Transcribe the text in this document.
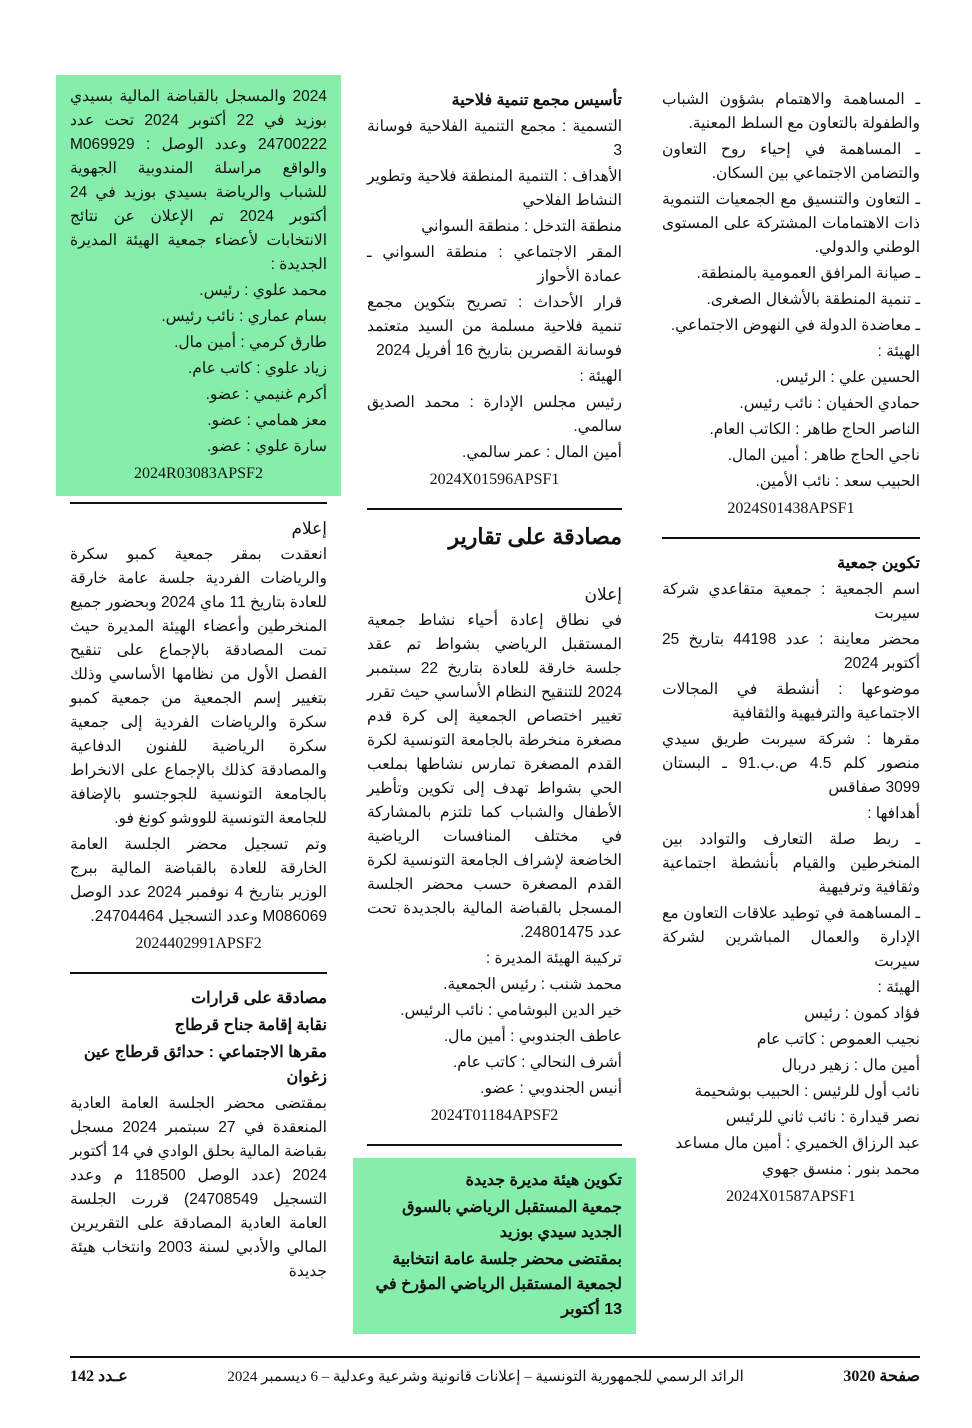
ـ المساهمة والاهتمام بشؤون الشباب والطفولة بالتعاون مع السلط المعنية.
ـ المساهمة في إحياء روح التعاون والتضامن الاجتماعي بين السكان.
ـ التعاون والتنسيق مع الجمعيات التنموية ذات الاهتمامات المشتركة على المستوى الوطني والدولي.
ـ صيانة المرافق العمومية بالمنطقة.
ـ تنمية المنطقة بالأشغال الصغرى.
ـ معاضدة الدولة في النهوض الاجتماعي.
الهيئة :
الحسين علي : الرئيس.
حمادي الحفيان : نائب رئيس.
الناصر الحاج طاهر : الكاتب العام.
ناجي الحاج طاهر : أمين المال.
الحبيب سعد : نائب الأمين.
2024S01438APSF1
تكوين جمعية
اسم الجمعية : جمعية متقاعدي شركة سيربت
محضر معاينة : عدد 44198 بتاريخ 25 أكتوبر 2024
موضوعها : أنشطة في المجالات الاجتماعية والترفيهية والثقافية
مقرها : شركة سيربت طريق سيدي منصور كلم 4.5 ص.ب.91 ـ البستان 3099 صفاقس
أهدافها :
ـ ربط صلة التعارف والتوادد بين المنخرطين والقيام بأنشطة اجتماعية وثقافية وترفيهية
ـ المساهمة في توطيد علاقات التعاون مع الإدارة والعمال المباشرين لشركة سيربت
الهيئة :
فؤاد كمون : رئيس
نجيب العموص : كاتب عام
أمين مال : زهير دربال
نائب أول للرئيس : الحبيب بوشحيمة
نصر قيدارة : نائب ثاني للرئيس
عبد الرزاق الخميري : أمين مال مساعد
محمد بنور : منسق جهوي
2024X01587APSF1
تأسيس مجمع تنمية فلاحية
التسمية : مجمع التنمية الفلاحية فوسانة 3
الأهداف : التنمية المنطقة فلاحية وتطوير النشاط الفلاحي
منطقة التدخل : منطقة السواني
المقر الاجتماعي : منطقة السواني ـ عمادة الأحواز
قرار الأحداث : تصريح بتكوين مجمع تنمية فلاحية مسلمة من السيد متعتمد فوسانة القصرين بتاريخ 16 أفريل 2024
الهيئة :
رئيس مجلس الإدارة : محمد الصديق سالمي.
أمين المال : عمر سالمي.
2024X01596APSF1
مصادقة على تقارير
إعلان
في نطاق إعادة أحياء نشاط جمعية المستقبل الرياضي بشواط تم عقد جلسة خارقة للعادة بتاريخ 22 سبتمبر 2024 للتنقيح النظام الأساسي حيث تقرر تغيير اختصاص الجمعية إلى كرة قدم مصغرة منخرطة بالجامعة التونسية لكرة القدم المصغرة تمارس نشاطها بملعب الحي بشواط تهدف إلى تكوين وتأطير الأطفال والشباب كما تلتزم بالمشاركة في مختلف المنافسات الرياضية الخاضعة لإشراف الجامعة التونسية لكرة القدم المصغرة حسب محضر الجلسة المسجل بالقباضة المالية بالجديدة تحت عدد 24801475.
تركيبة الهيئة المديرة :
محمد شنب : رئيس الجمعية.
خير الدين البوشامي : نائب الرئيس.
عاطف الجندوبي : أمين مال.
أشرف النحالي : كاتب عام.
أنيس الجندوبي : عضو.
2024T01184APSF2
تكوين هيئة مديرة جديدة
جمعية المستقبل الرياضي بالسوق الجديد سيدي بوزيد
بمقتضى محضر جلسة عامة انتخابية لجمعية المستقبل الرياضي المؤرخ في 13 أكتوبر
2024 والمسجل بالقباضة المالية بسيدي بوزيد في 22 أكتوبر 2024 تحت عدد 24700222 وعدد الوصل : M069929 والواقع مراسلة المندوبية الجهوية للشباب والرياضة بسيدي بوزيد في 24 أكتوبر 2024 تم الإعلان عن نتائج الانتخابات لأعضاء جمعية الهيئة المديرة الجديدة :
محمد علوي : رئيس.
بسام عماري : نائب رئيس.
طارق كرمي : أمين مال.
زياد علوي : كاتب عام.
أكرم غنيمي : عضو.
معز همامي : عضو.
سارة علوي : عضو.
2024R03083APSF2
إعلام
انعقدت بمقر جمعية كمبو سكرة والرياضات الفردية جلسة عامة خارقة للعادة بتاريخ 11 ماي 2024 وبحضور جميع المنخرطين وأعضاء الهيئة المديرة حيث تمت المصادقة بالإجماع على تنقيح الفصل الأول من نظامها الأساسي وذلك بتغيير إسم الجمعية من جمعية كمبو سكرة والرياضات الفردية إلى جمعية سكرة الرياضية للفنون الدفاعية والمصادقة كذلك بالإجماع على الانخراط بالجامعة التونسية للجوجتسو بالإضافة للجامعة التونسية للووشو كونغ فو.
وتم تسجيل محضر الجلسة العامة الخارقة للعادة بالقباضة المالية ببرج الوزير بتاريخ 4 نوفمبر 2024 عدد الوصل M086069 وعدد التسجيل 24704464.
2024402991APSF2
مصادقة على قرارات
نقابة إقامة جناح قرطاج
مقرها الاجتماعي : حدائق قرطاج عين زغوان
بمقتضى محضر الجلسة العامة العادية المنعقدة في 27 سبتمبر 2024 مسجل بقباضة المالية بحلق الوادي في 14 أكتوبر 2024 (عدد الوصل 118500 م وعدد التسجيل 24708549) قررت الجلسة العامة العادية المصادقة على التقريرين المالي والأدبي لسنة 2003 وانتخاب هيئة جديدة
صفحة 3020
الرائد الرسمي للجمهورية التونسية – إعلانات قانونية وشرعية وعدلية – 6 ديسمبر 2024
عـدد 142
